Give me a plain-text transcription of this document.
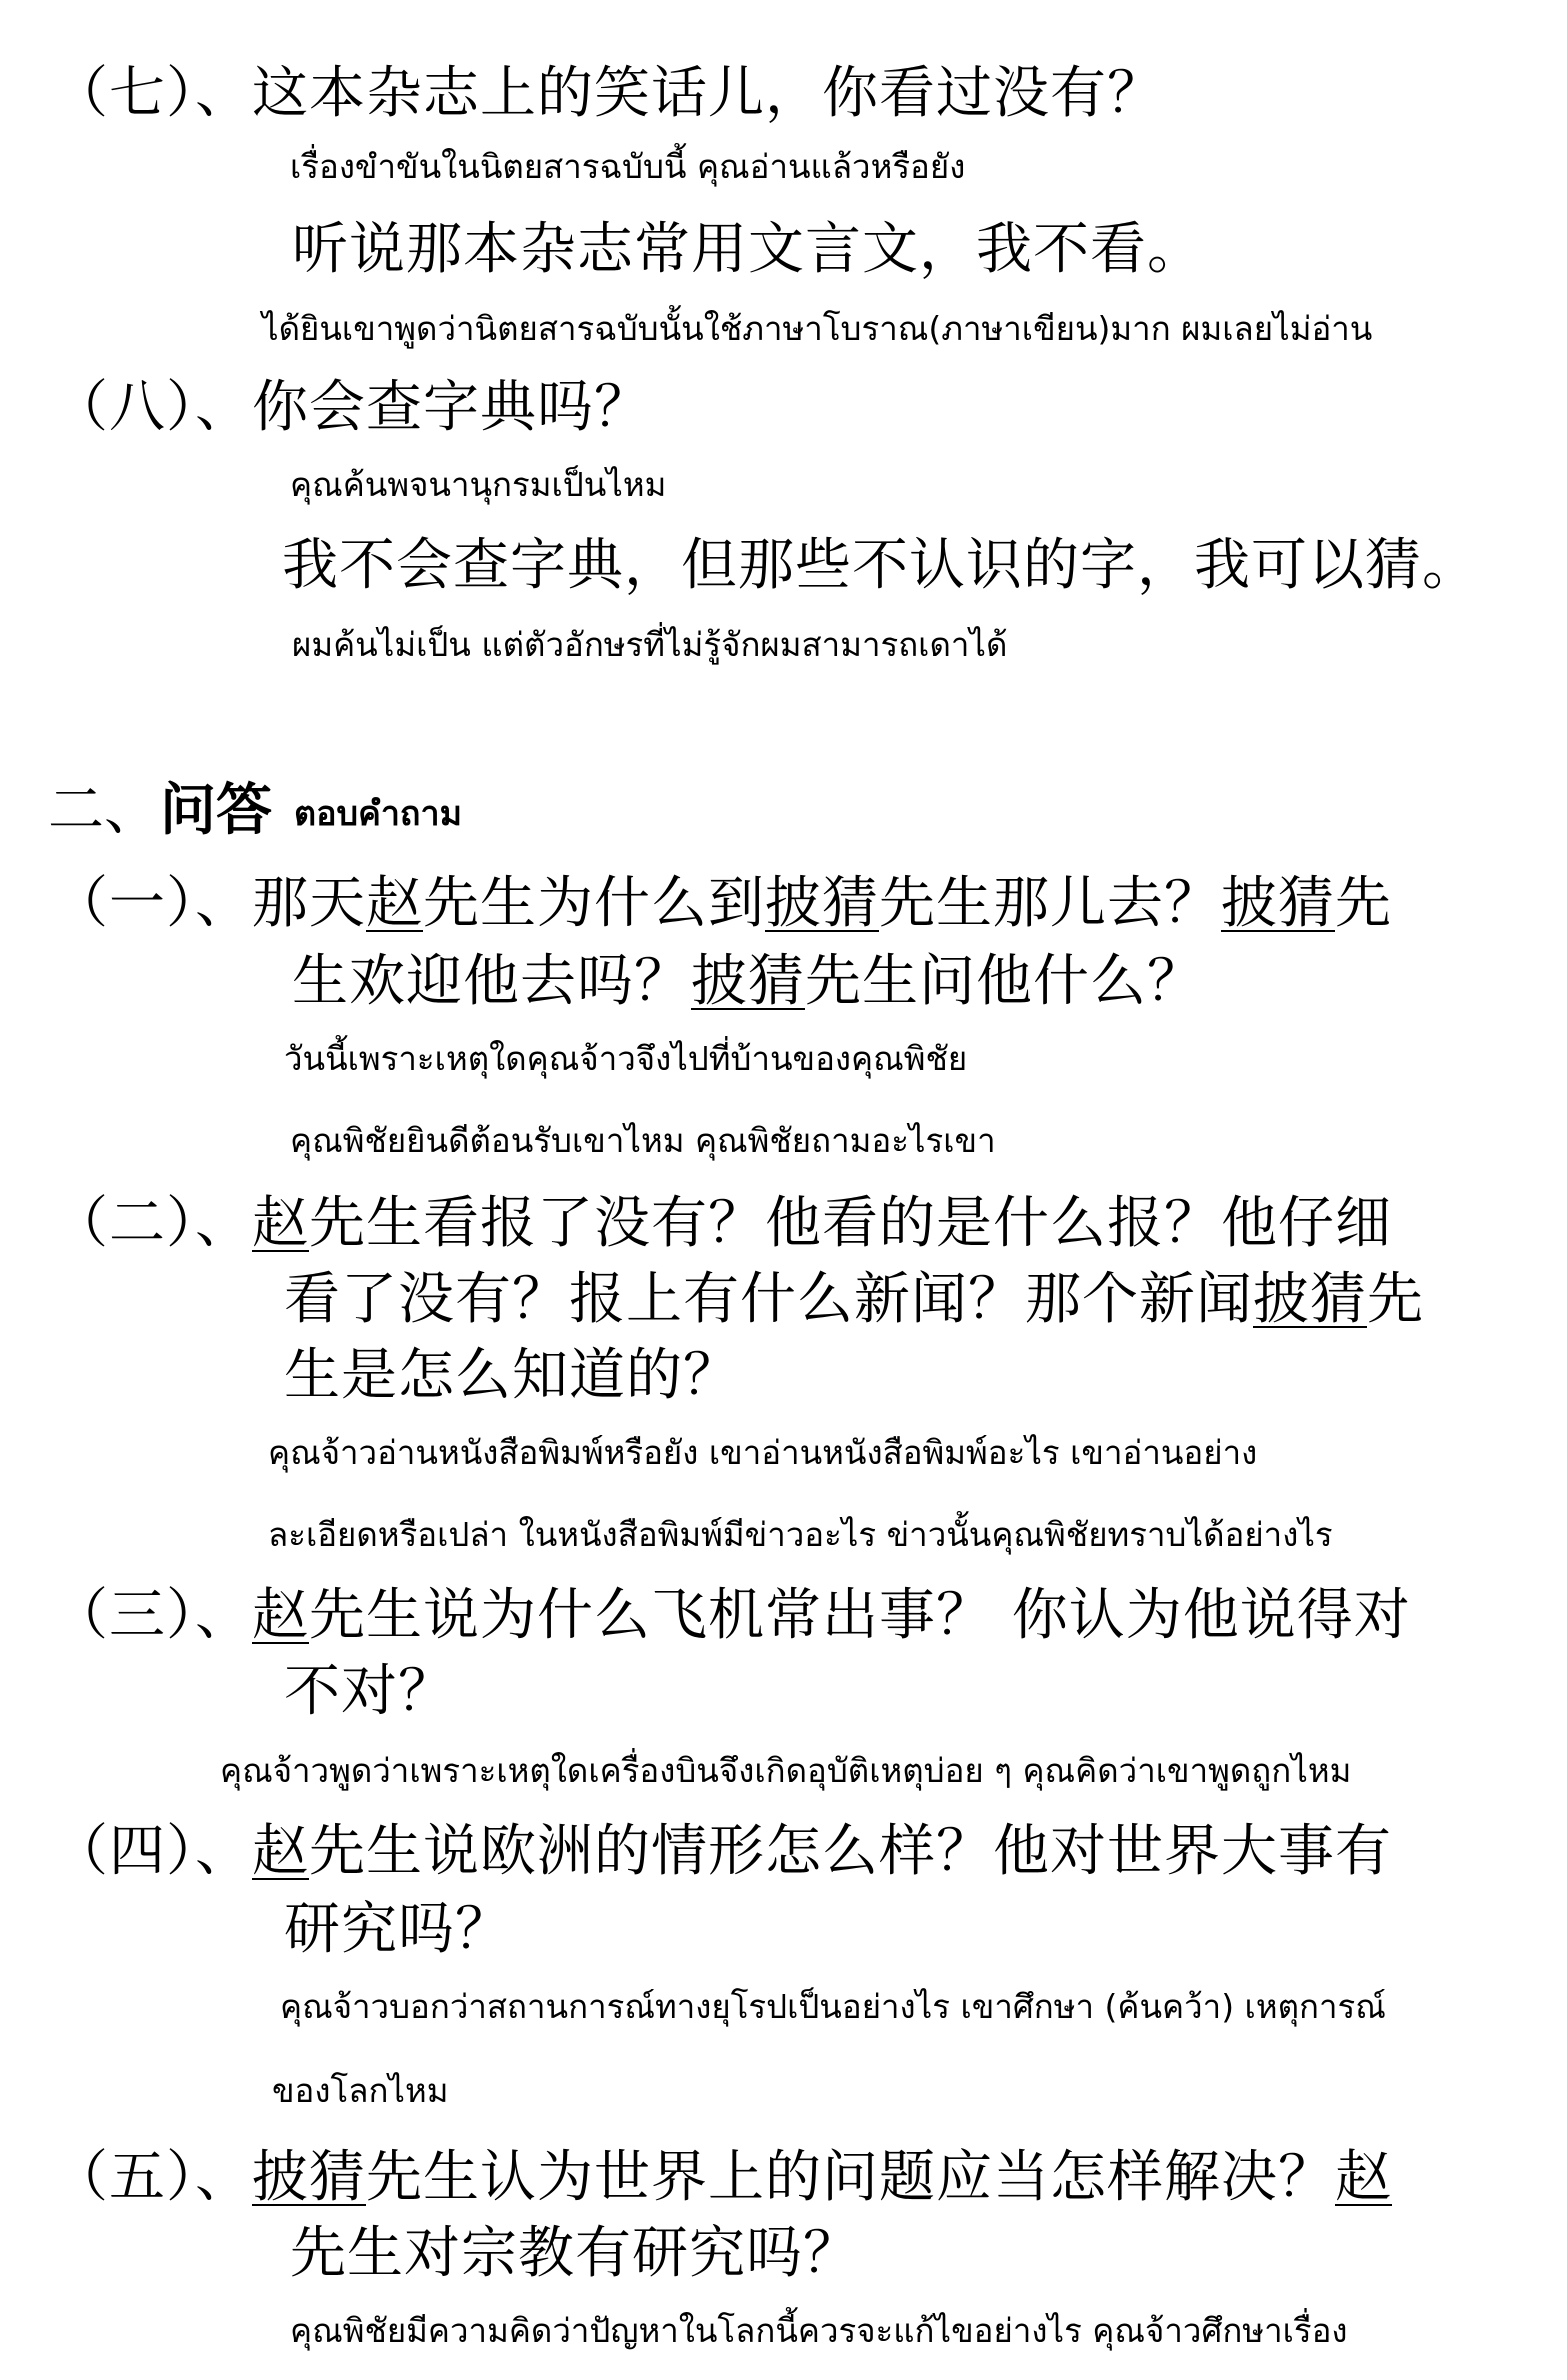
（七）、这本杂志上的笑话儿，你看过没有？
เรื่องขำขันในนิตยสารฉบับนี้ คุณอ่านแล้วหรือยัง
听说那本杂志常用文言文，我不看。
ได้ยินเขาพูดว่านิตยสารฉบับนั้นใช้ภาษาโบราณ(ภาษาเขียน)มาก ผมเลยไม่อ่าน
（八）、你会查字典吗？
คุณค้นพจนานุกรมเป็นไหม
我不会查字典，但那些不认识的字，我可以猜。
ผมค้นไม่เป็น แต่ตัวอักษรที่ไม่รู้จักผมสามารถเดาได้
二、问答 ตอบคำถาม
（一）、那天赵先生为什么到披猜先生那儿去？披猜先
生欢迎他去吗？披猜先生问他什么？
วันนี้เพราะเหตุใดคุณจ้าวจึงไปที่บ้านของคุณพิชัย
คุณพิชัยยินดีต้อนรับเขาไหม คุณพิชัยถามอะไรเขา
（二）、赵先生看报了没有？他看的是什么报？他仔细
看了没有？报上有什么新闻？那个新闻披猜先
生是怎么知道的？
คุณจ้าวอ่านหนังสือพิมพ์หรือยัง เขาอ่านหนังสือพิมพ์อะไร เขาอ่านอย่าง
ละเอียดหรือเปล่า ในหนังสือพิมพ์มีข่าวอะไร ข่าวนั้นคุณพิชัยทราบได้อย่างไร
（三）、赵先生说为什么飞机常出事？ 你认为他说得对
不对？
คุณจ้าวพูดว่าเพราะเหตุใดเครื่องบินจึงเกิดอุบัติเหตุบ่อย ๆ คุณคิดว่าเขาพูดถูกไหม
（四）、赵先生说欧洲的情形怎么样？他对世界大事有
研究吗？
คุณจ้าวบอกว่าสถานการณ์ทางยุโรปเป็นอย่างไร เขาศึกษา (ค้นคว้า) เหตุการณ์
ของโลกไหม
（五）、披猜先生认为世界上的问题应当怎样解决？赵
先生对宗教有研究吗？
คุณพิชัยมีความคิดว่าปัญหาในโลกนี้ควรจะแก้ไขอย่างไร คุณจ้าวศึกษาเรื่อง
